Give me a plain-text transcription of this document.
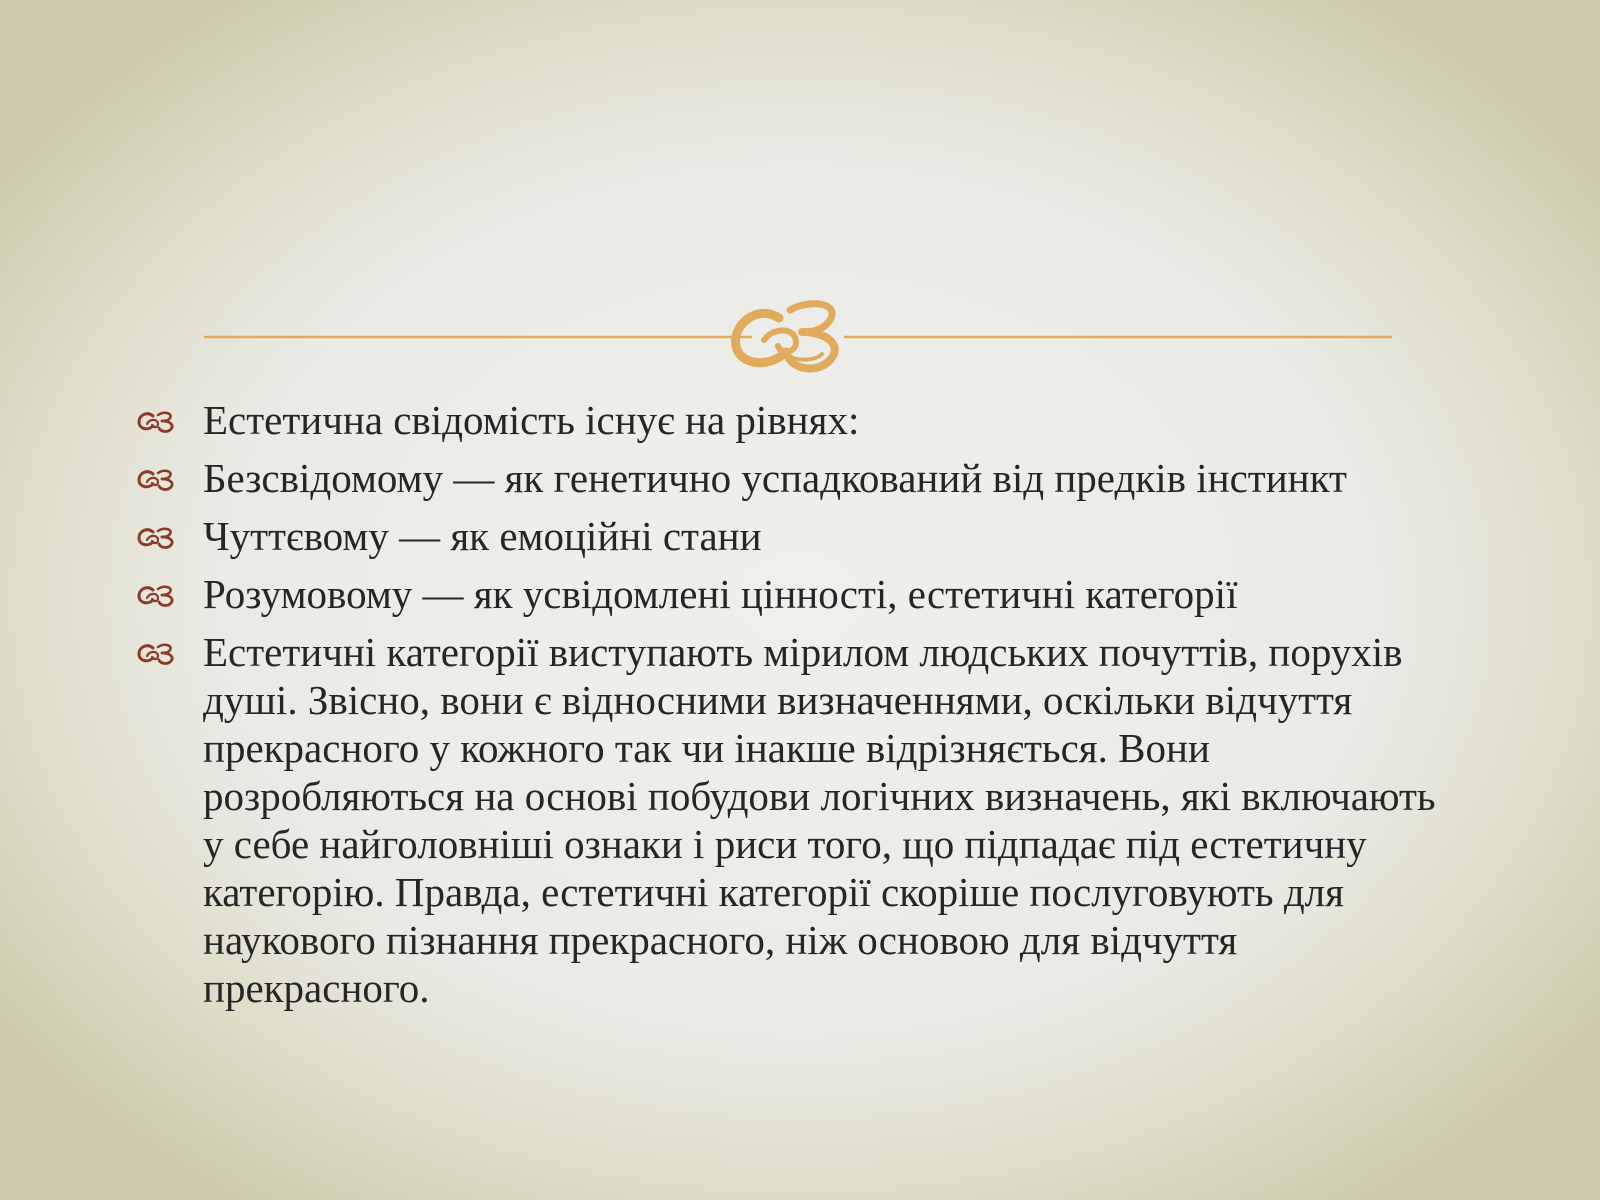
Естетична свідомість існує на рівнях:
Безсвідомому — як генетично успадкований від предків інстинкт
Чуттєвому — як емоційні стани
Розумовому — як усвідомлені цінності, естетичні категорії
Естетичні категорії виступають мірилом людських почуттів, порухів душі. Звісно, вони є відносними визначеннями, оскільки відчуття прекрасного у кожного так чи інакше відрізняється. Вони розробляються на основі побудови логічних визначень, які включають у себе найголовніші ознаки і риси того, що підпадає під естетичну категорію. Правда, естетичні категорії скоріше послуговують для наукового пізнання прекрасного, ніж основою для відчуття прекрасного.
